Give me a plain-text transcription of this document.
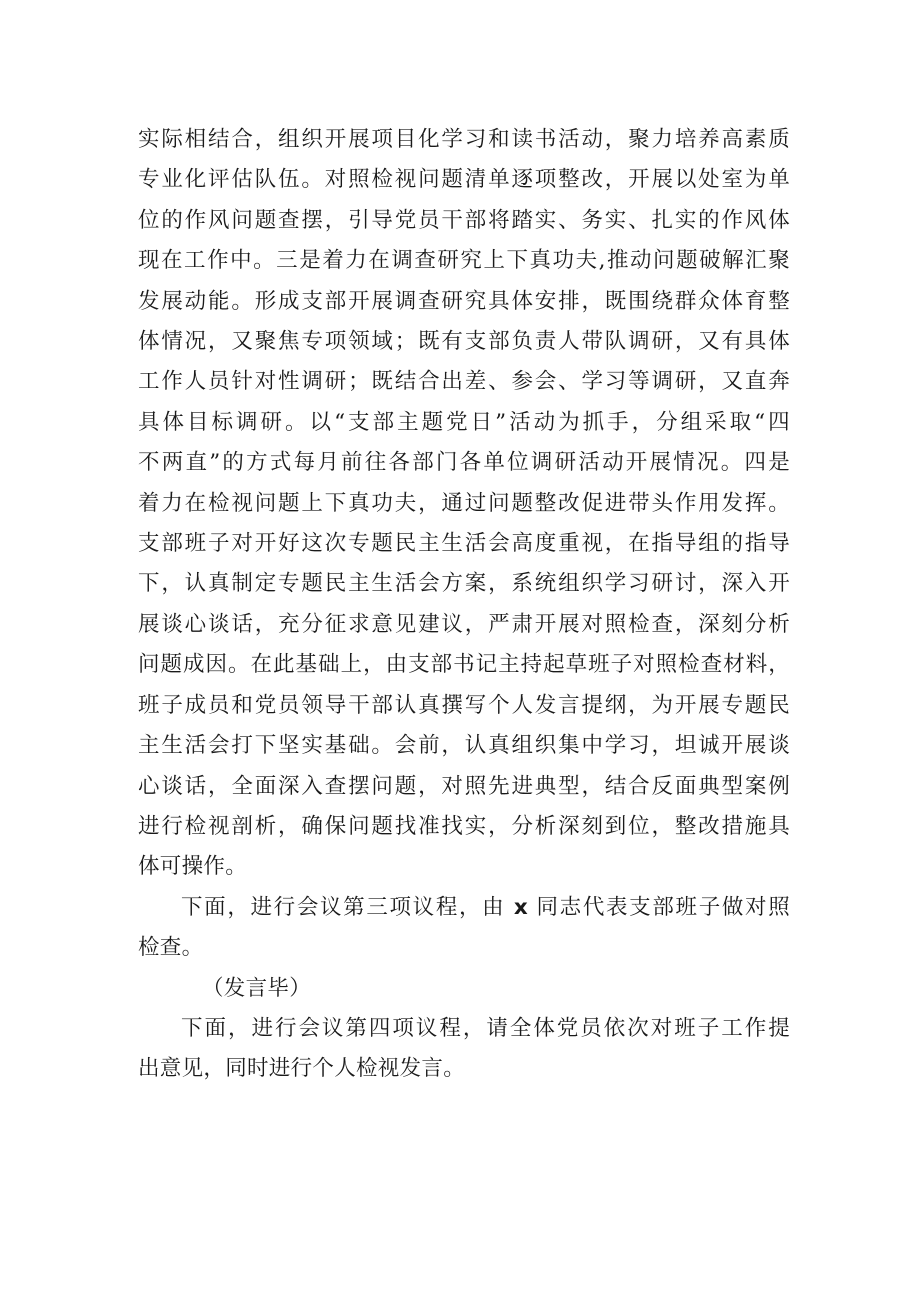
实际相结合，组织开展项目化学习和读书活动，聚力培养高素质
专业化评估队伍。对照检视问题清单逐项整改，开展以处室为单
位的作风问题查摆，引导党员干部将踏实、务实、扎实的作风体
现在工作中。三是着力在调查研究上下真功夫,推动问题破解汇聚
发展动能。形成支部开展调查研究具体安排，既围绕群众体育整
体情况，又聚焦专项领域；既有支部负责人带队调研，又有具体
工作人员针对性调研；既结合出差、参会、学习等调研，又直奔
具体目标调研。以“支部主题党日”活动为抓手，分组采取“四
不两直”的方式每月前往各部门各单位调研活动开展情况。四是
着力在检视问题上下真功夫，通过问题整改促进带头作用发挥。
支部班子对开好这次专题民主生活会高度重视，在指导组的指导
下，认真制定专题民主生活会方案，系统组织学习研讨，深入开
展谈心谈话，充分征求意见建议，严肃开展对照检查，深刻分析
问题成因。在此基础上，由支部书记主持起草班子对照检查材料，
班子成员和党员领导干部认真撰写个人发言提纲，为开展专题民
主生活会打下坚实基础。会前，认真组织集中学习，坦诚开展谈
心谈话，全面深入查摆问题，对照先进典型，结合反面典型案例
进行检视剖析，确保问题找准找实，分析深刻到位，整改措施具
体可操作。

下面，进行会议第三项议程，由 x 同志代表支部班子做对照
检查。

（发言毕）

下面，进行会议第四项议程，请全体党员依次对班子工作提
出意见，同时进行个人检视发言。
